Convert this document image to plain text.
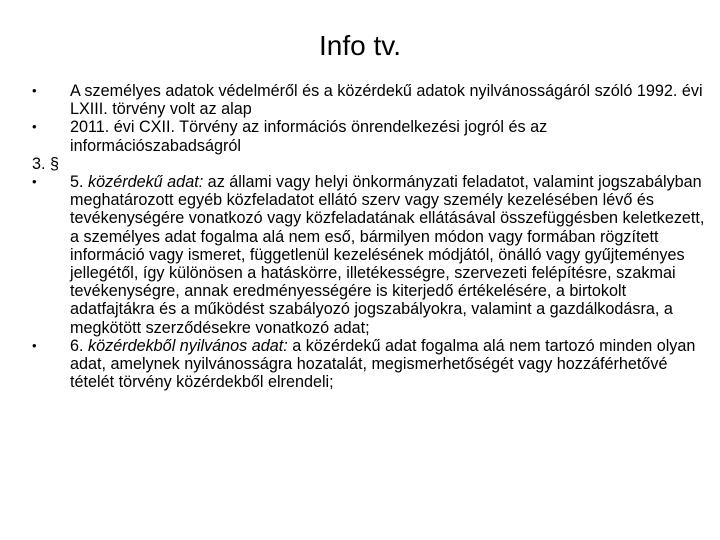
Info tv.
•	A személyes adatok védelméről és a közérdekű adatok nyilvánosságáról szóló 1992. évi LXIII. törvény volt az alap
•	2011. évi CXII. Törvény az információs önrendelkezési jogról és az információszabadságról
3. §
•	5. közérdekű adat: az állami vagy helyi önkormányzati feladatot, valamint jogszabályban meghatározott egyéb közfeladatot ellátó szerv vagy személy kezelésében lévő és tevékenységére vonatkozó vagy közfeladatának ellátásával összefüggésben keletkezett, a személyes adat fogalma alá nem eső, bármilyen módon vagy formában rögzített információ vagy ismeret, függetlenül kezelésének módjától, önálló vagy gyűjteményes jellegétől, így különösen a hatáskörre, illetékességre, szervezeti felépítésre, szakmai tevékenységre, annak eredményességére is kiterjedő értékelésére, a birtokolt adatfajtákra és a működést szabályozó jogszabályokra, valamint a gazdálkodásra, a megkötött szerződésekre vonatkozó adat;
•	6. közérdekből nyilvános adat: a közérdekű adat fogalma alá nem tartozó minden olyan adat, amelynek nyilvánosságra hozatalát, megismerhetőségét vagy hozzáférhetővé tételét törvény közérdekből elrendeli;
